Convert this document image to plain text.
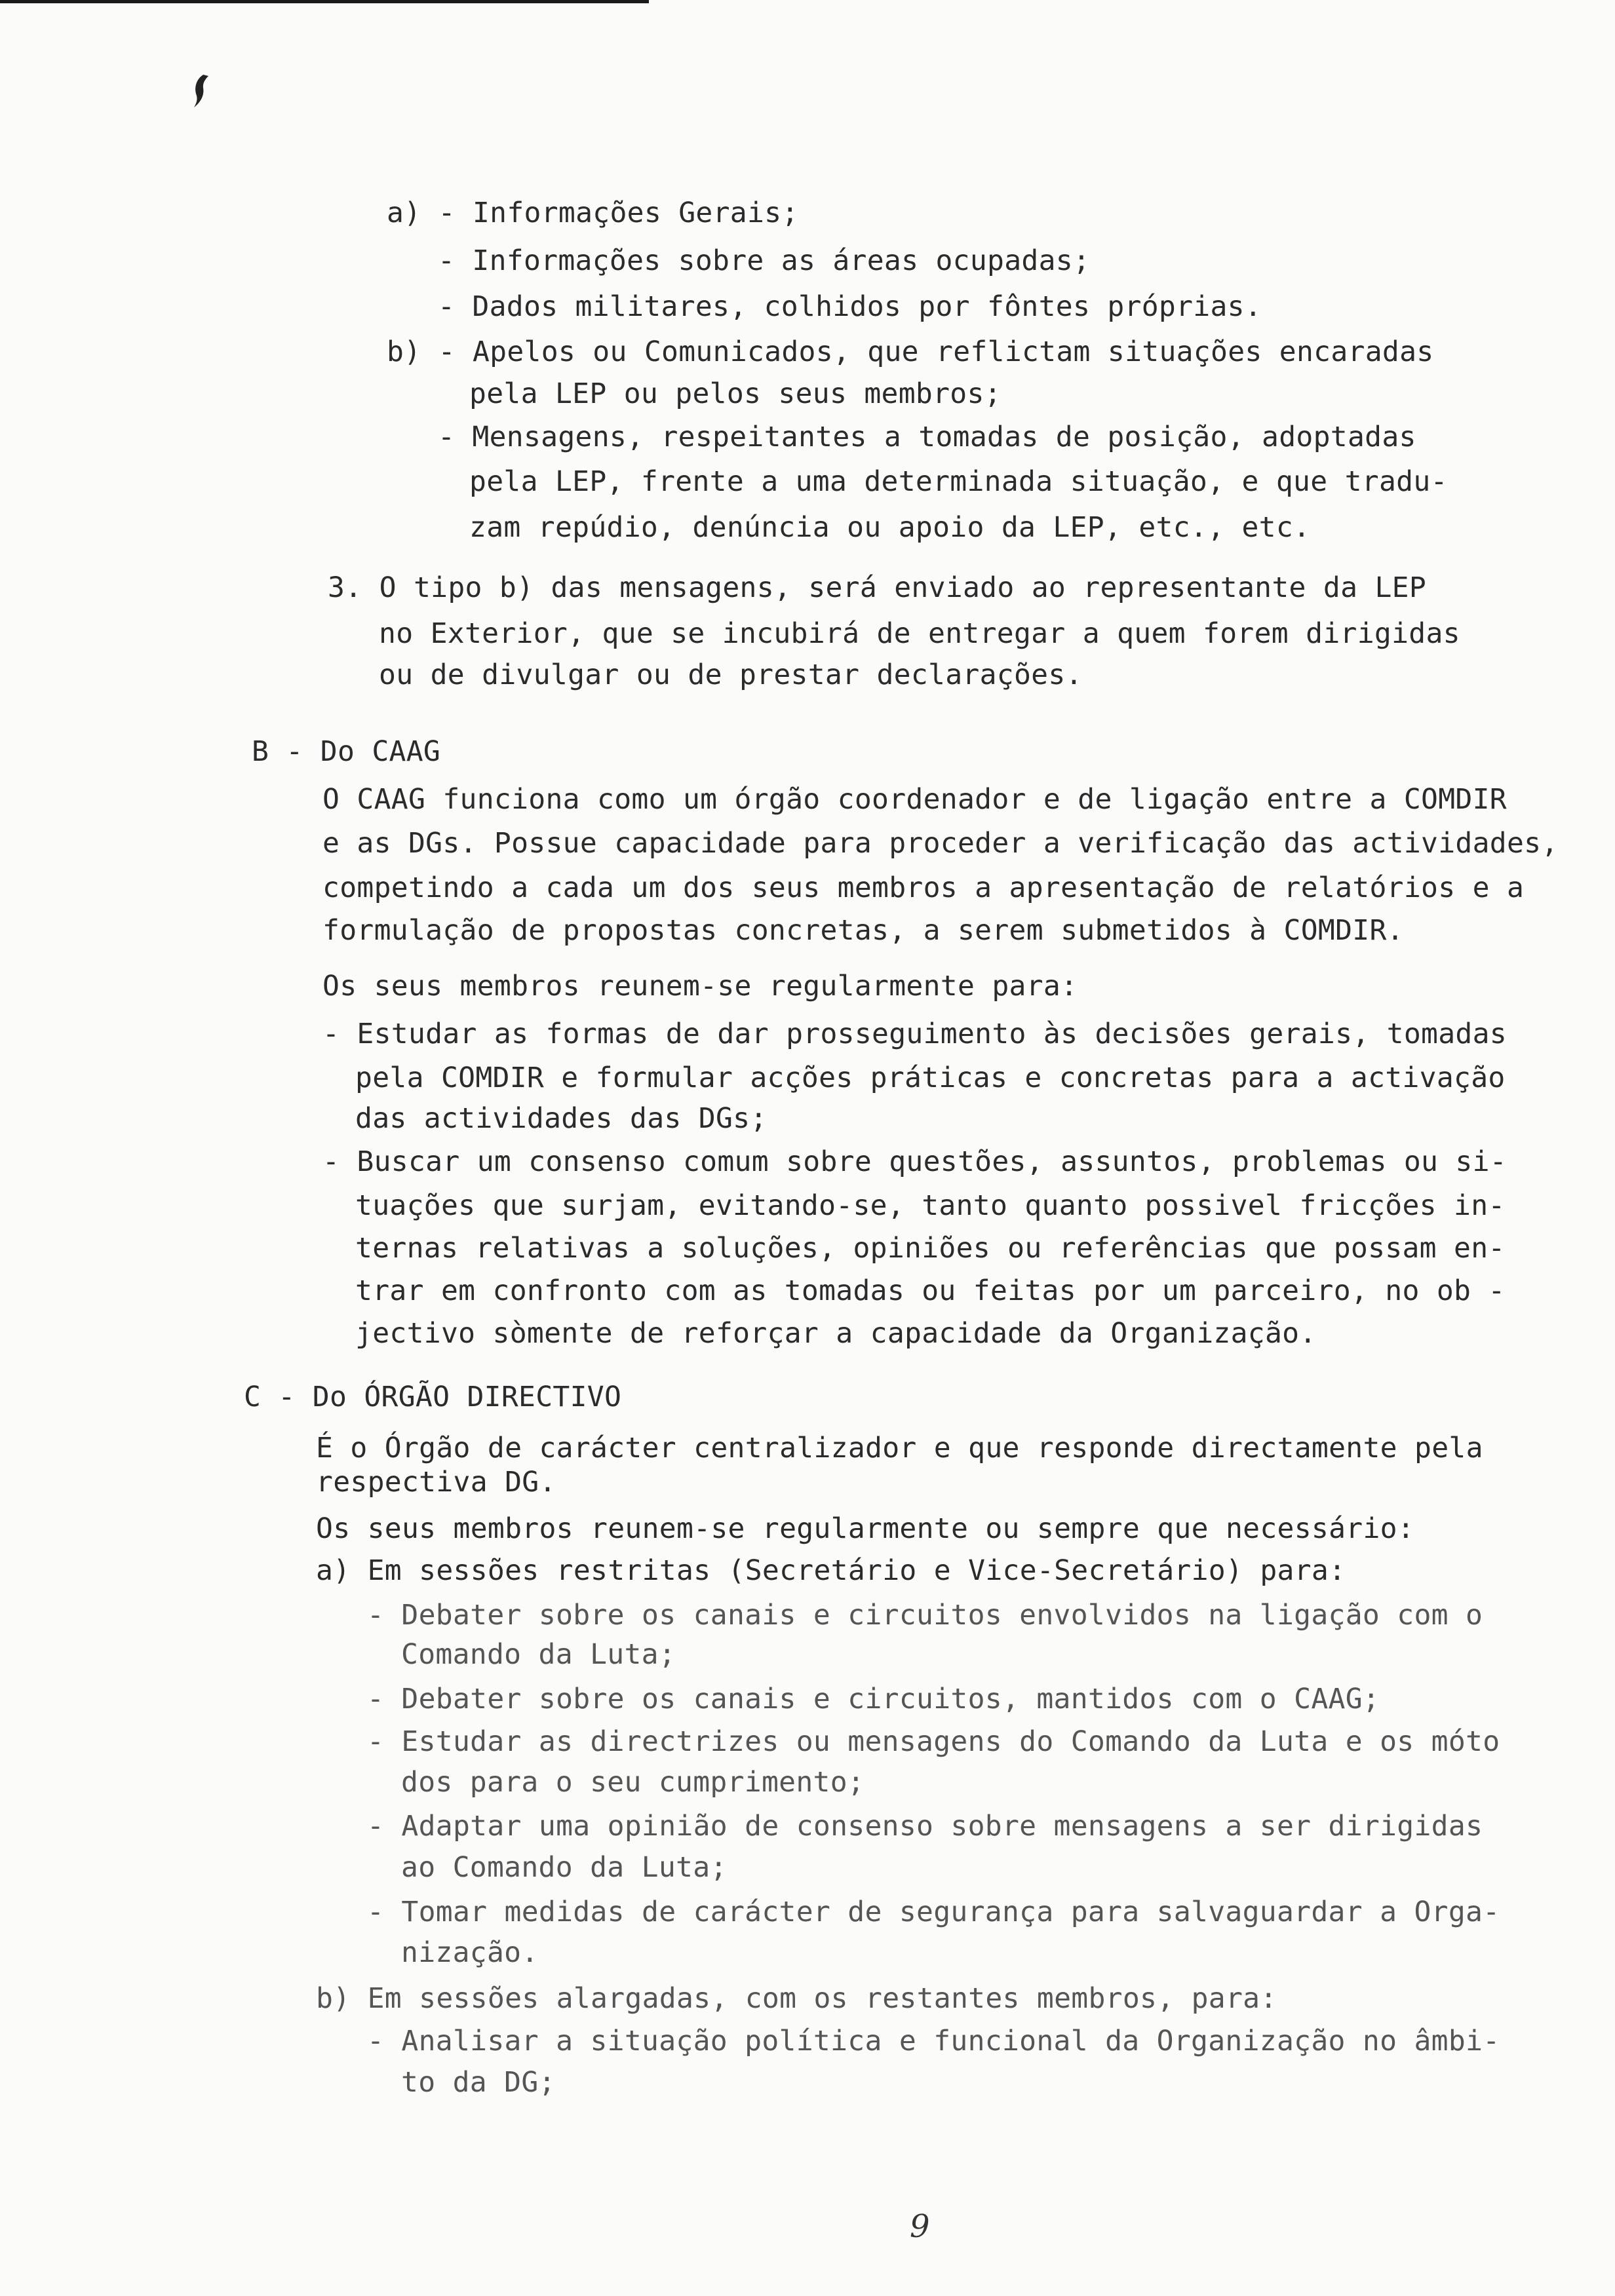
a) - Informações Gerais;
- Informações sobre as áreas ocupadas;
- Dados militares, colhidos por fôntes próprias.
b) - Apelos ou Comunicados, que reflictam situações encaradas
pela LEP ou pelos seus membros;
- Mensagens, respeitantes a tomadas de posição, adoptadas
pela LEP, frente a uma determinada situação, e que tradu-
zam repúdio, denúncia ou apoio da LEP, etc., etc.
3. O tipo b) das mensagens, será enviado ao representante da LEP
no Exterior, que se incubirá de entregar a quem forem dirigidas
ou de divulgar ou de prestar declarações.
B - Do CAAG
O CAAG funciona como um órgão coordenador e de ligação entre a COMDIR
e as DGs. Possue capacidade para proceder a verificação das actividades,
competindo a cada um dos seus membros a apresentação de relatórios e a
formulação de propostas concretas, a serem submetidos à COMDIR.
Os seus membros reunem-se regularmente para:
- Estudar as formas de dar prosseguimento às decisões gerais, tomadas
pela COMDIR e formular acções práticas e concretas para a activação
das actividades das DGs;
- Buscar um consenso comum sobre questões, assuntos, problemas ou si-
tuações que surjam, evitando-se, tanto quanto possivel fricções in-
ternas relativas a soluções, opiniões ou referências que possam en-
trar em confronto com as tomadas ou feitas por um parceiro, no ob -
jectivo sòmente de reforçar a capacidade da Organização.
C - Do ÓRGÃO DIRECTIVO
É o Órgão de carácter centralizador e que responde directamente pela
respectiva DG.
Os seus membros reunem-se regularmente ou sempre que necessário:
a) Em sessões restritas (Secretário e Vice-Secretário) para:
- Debater sobre os canais e circuitos envolvidos na ligação com o
Comando da Luta;
- Debater sobre os canais e circuitos, mantidos com o CAAG;
- Estudar as directrizes ou mensagens do Comando da Luta e os móto
dos para o seu cumprimento;
- Adaptar uma opinião de consenso sobre mensagens a ser dirigidas
ao Comando da Luta;
- Tomar medidas de carácter de segurança para salvaguardar a Orga-
nização.
b) Em sessões alargadas, com os restantes membros, para:
- Analisar a situação política e funcional da Organização no âmbi-
to da DG;
9
